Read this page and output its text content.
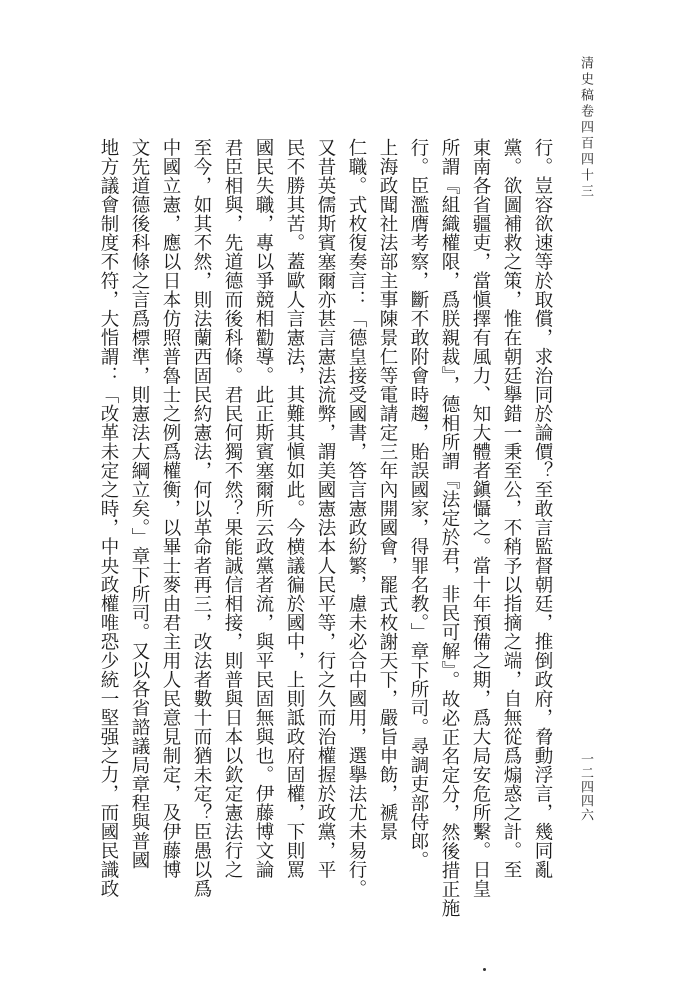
清史稿卷四百四十三
行。豈容欲速等於取償，求治同於論價？至敢言監督朝廷，推倒政府，脅動浮言，幾同亂
黨。欲圖補救之策，惟在朝廷擧錯一秉至公，不稍予以指摘之端，自無從爲煽惑之計。至
東南各省疆吏，當愼擇有風力、知大體者鎭懾之。當十年預備之期，爲大局安危所繫。日皇
所謂『組織權限，爲朕親裁』，德相所謂『法定於君，非民可解』。故必正名定分，然後措正施
行。臣濫膺考察，斷不敢附會時趨，貽誤國家，得罪名教。」章下所司。尋調吏部侍郎。
上海政聞社法部主事陳景仁等電請定三年內開國會，罷式枚謝天下，嚴旨申飭，褫景
仁職。式枚復奏言：「德皇接受國書，答言憲政紛繁，慮未必合中國用，選擧法尤未易行。
又昔英儒斯賓塞爾亦甚言憲法流弊，謂美國憲法本人民平等，行之久而治權握於政黨，平
民不勝其苦。蓋歐人言憲法，其難其愼如此。今横議徧於國中，上則詆政府固權，下則罵
國民失職，專以爭競相勸導。此正斯賓塞爾所云政黨者流，與平民固無與也。伊藤博文論
君臣相與，先道德而後科條。君民何獨不然？果能誠信相接，則普與日本以欽定憲法行之
至今，如其不然，則法蘭西固民約憲法，何以革命者再三，改法者數十而猶未定？臣愚以爲
中國立憲，應以日本仿照普魯士之例爲權衡，以畢士麥由君主用人民意見制定，及伊藤博
文先道德後科條之言爲標準，則憲法大綱立矣。」章下所司。又以各省諮議局章程與普國
地方議會制度不符，大恉謂：「改革未定之時，中央政權唯恐少統一堅强之力，而國民識政	一二四四六
